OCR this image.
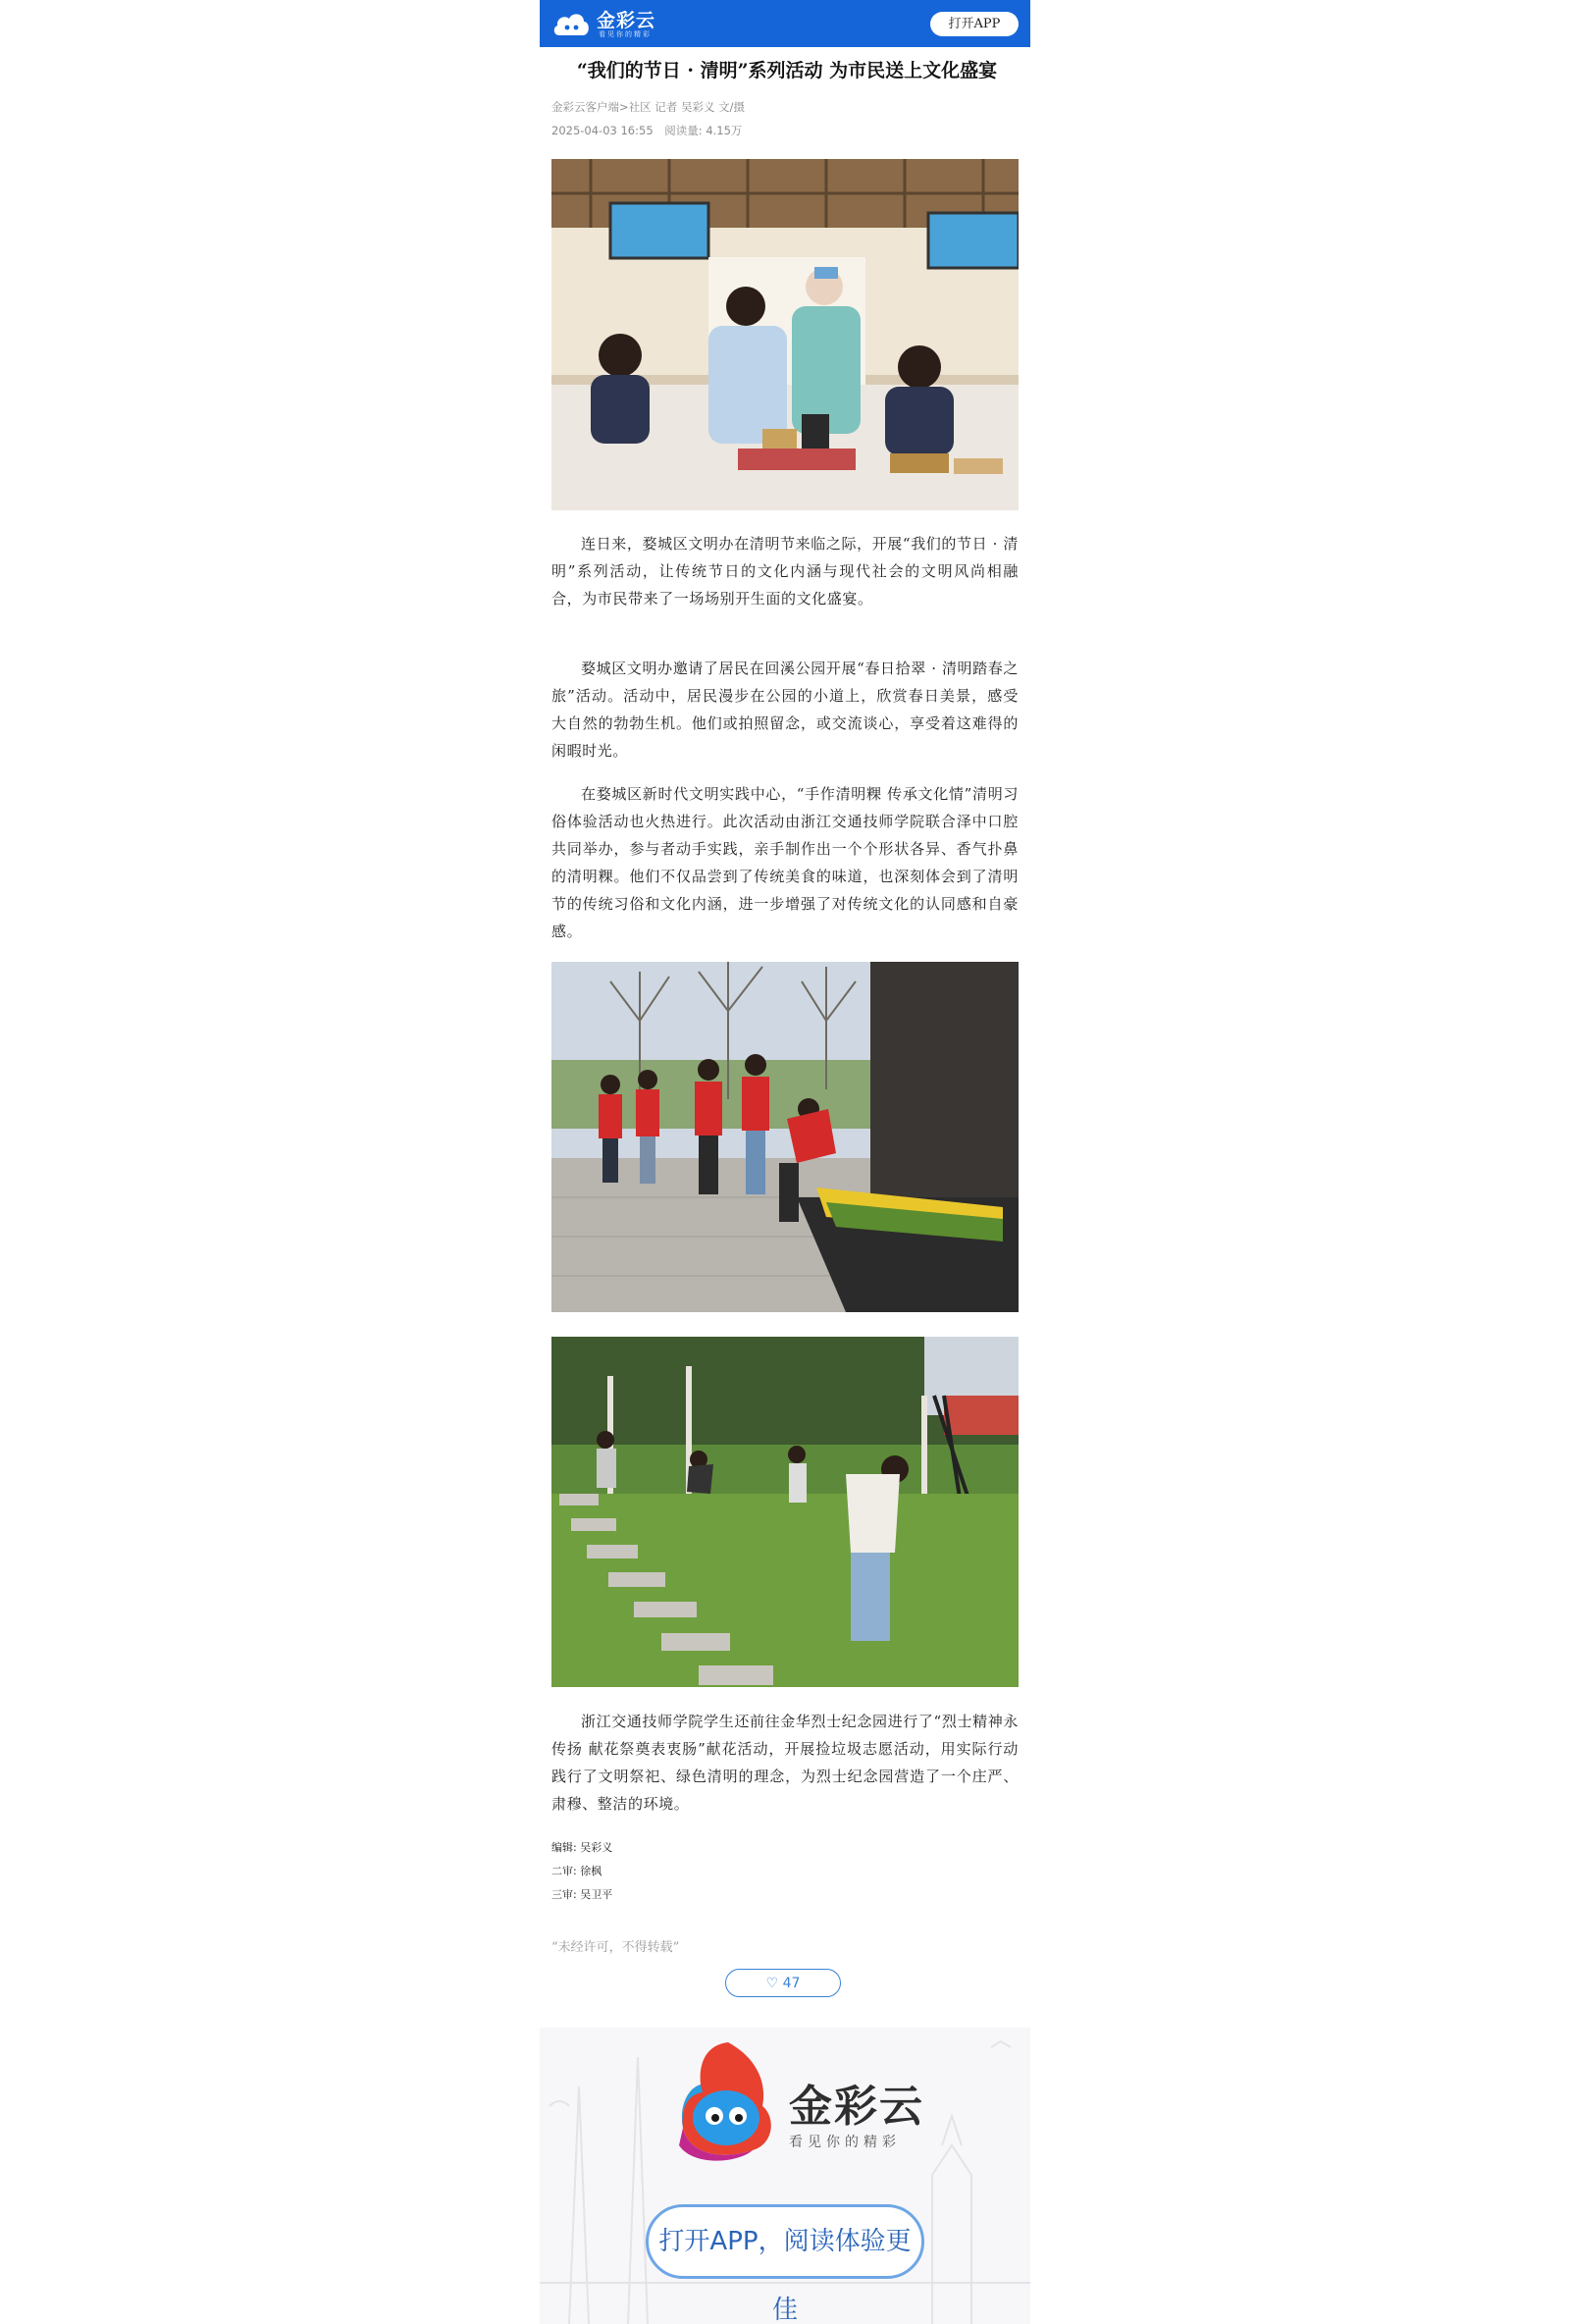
金彩云
看见你的精彩
打开APP
“我们的节日 · 清明”系列活动 为市民送上文化盛宴
金彩云客户端>社区 记者 吴彩义 文/摄
2025-04-03 16:55 阅读量: 4.15万
连日来，婺城区文明办在清明节来临之际，开展“我们的节日 · 清明”系列活动，让传统节日的文化内涵与现代社会的文明风尚相融合，为市民带来了一场场别开生面的文化盛宴。
婺城区文明办邀请了居民在回溪公园开展“春日拾翠 · 清明踏春之旅”活动。活动中，居民漫步在公园的小道上，欣赏春日美景，感受大自然的勃勃生机。他们或拍照留念，或交流谈心，享受着这难得的闲暇时光。
在婺城区新时代文明实践中心，“手作清明粿 传承文化情”清明习俗体验活动也火热进行。此次活动由浙江交通技师学院联合泽中口腔共同举办，参与者动手实践，亲手制作出一个个形状各异、香气扑鼻的清明粿。他们不仅品尝到了传统美食的味道，也深刻体会到了清明节的传统习俗和文化内涵，进一步增强了对传统文化的认同感和自豪感。
浙江交通技师学院学生还前往金华烈士纪念园进行了“烈士精神永传扬 献花祭奠表衷肠”献花活动，开展捡垃圾志愿活动，用实际行动践行了文明祭祀、绿色清明的理念，为烈士纪念园营造了一个庄严、肃穆、整洁的环境。
编辑: 吴彩义
二审: 徐枫
三审: 吴卫平
“未经许可，不得转载”
♡ 47
金彩云
看见你的精彩
打开APP，阅读体验更佳
